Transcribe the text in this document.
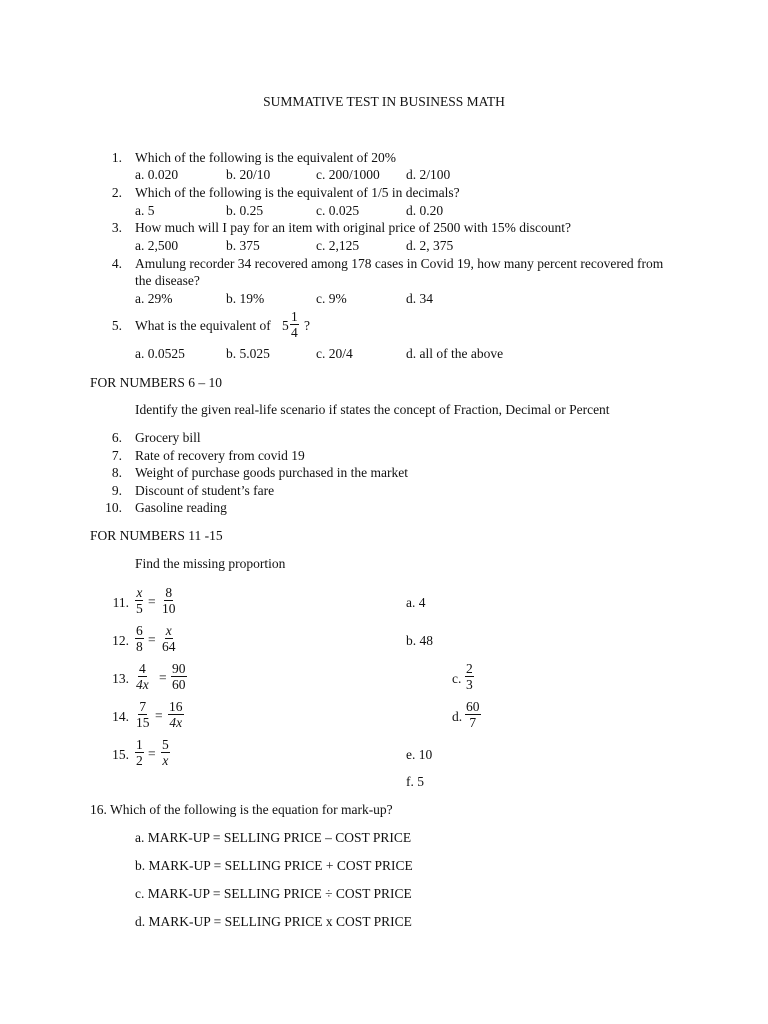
SUMMATIVE TEST IN BUSINESS MATH
1. Which of the following is the equivalent of 20%
a. 0.020	b. 20/10	c. 200/1000 d. 2/100
2. Which of the following is the equivalent of 1/5 in decimals?
a. 5	b. 0.25	c. 0.025	d. 0.20
3. How much will I pay for an item with original price of 2500 with 15% discount?
a. 2,500	b. 375	c. 2,125	d. 2, 375
4. Amulung recorder 34 recovered among 178 cases in Covid 19, how many percent recovered from
the disease?
a. 29%	b. 19%	c. 9%	d. 34
5. What is the equivalent of $5 \frac{1}{4}$ ?
a. 0.0525	b. 5.025	c. 20/4	d. all of the above
FOR NUMBERS 6 – 10
Identify the given real-life scenario if states the concept of Fraction, Decimal or Percent
6. Grocery bill
7. Rate of recovery from covid 19
8. Weight of purchase goods purchased in the market
9. Discount of student’s fare
10. Gasoline reading
FOR NUMBERS 11 -15
Find the missing proportion
11. $\frac{x}{5} = \frac{8}{10}$
12. $\frac{6}{8} = \frac{x}{64}$
13. $\frac{4}{4x} = \frac{90}{60}$
14. $\frac{7}{15} = \frac{16}{4x}$
15. $\frac{1}{2} = \frac{5}{x}$
a. 4
b. 48
c. $\frac{2}{3}$
d. $\frac{60}{7}$
e. 10
f. 5
16. Which of the following is the equation for mark-up?
a. MARK-UP = SELLING PRICE – COST PRICE
b. MARK-UP = SELLING PRICE + COST PRICE
c. MARK-UP = SELLING PRICE ÷ COST PRICE
d. MARK-UP = SELLING PRICE x COST PRICE
